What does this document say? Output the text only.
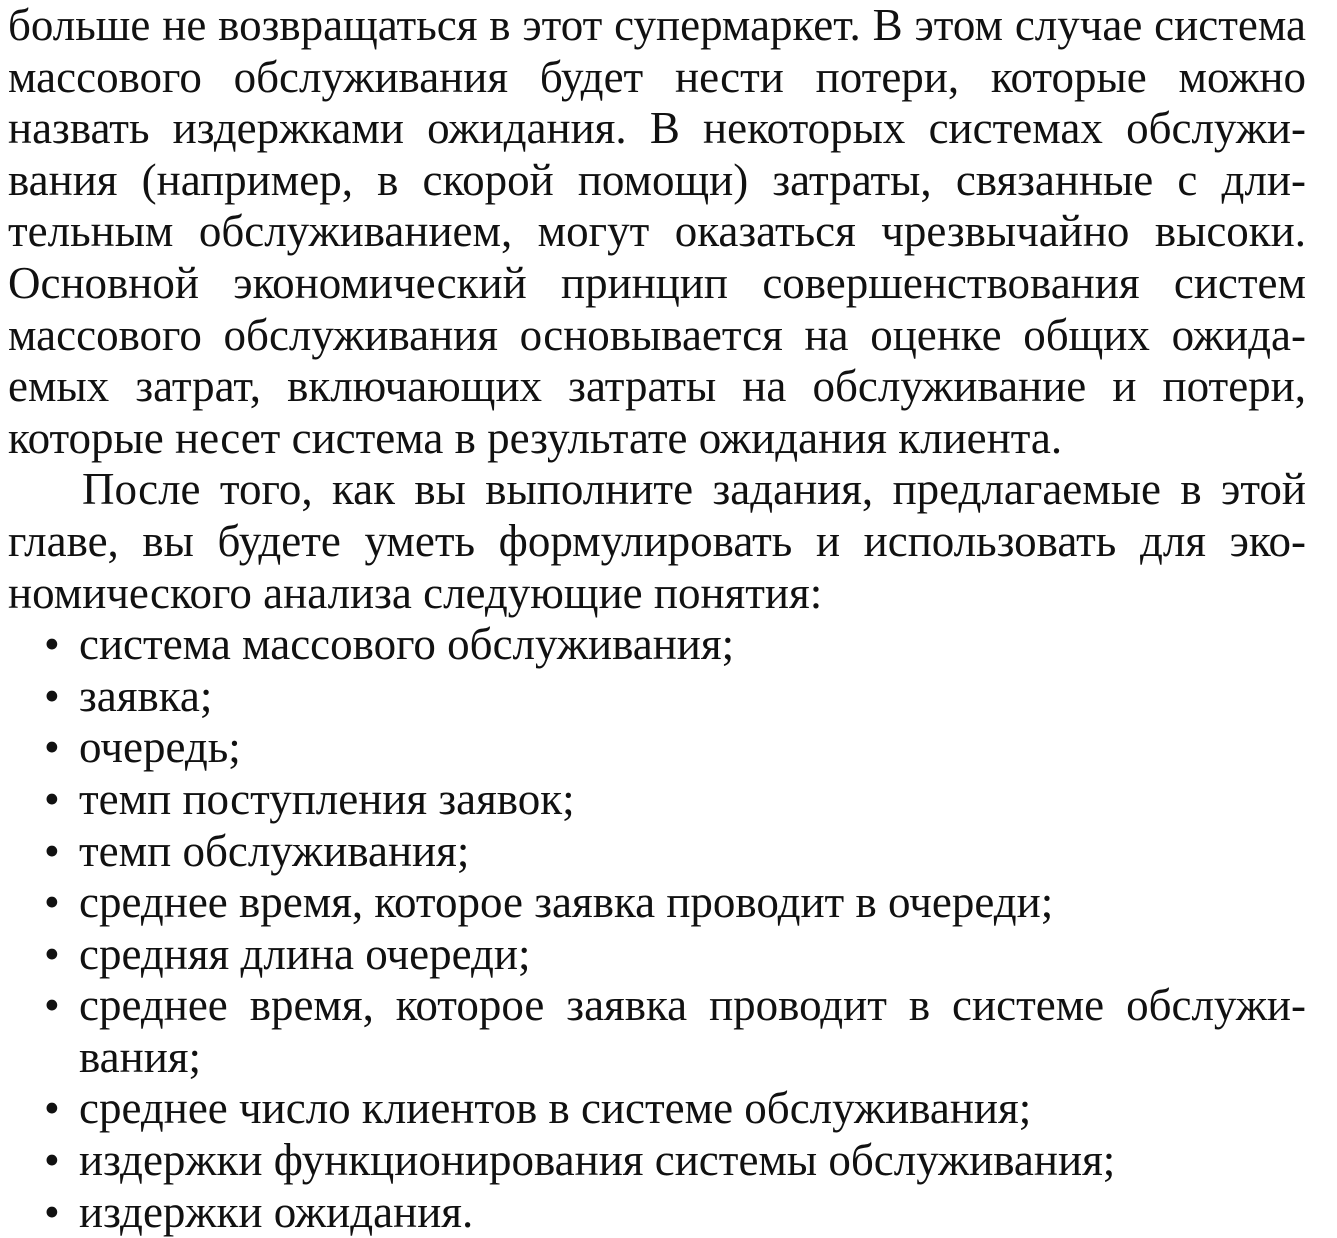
больше не возвращаться в этот супермаркет. В этом случае система массового обслуживания будет нести потери, которые можно назвать издержками ожидания. В некоторых системах обслуживания (например, в скорой помощи) затраты, связанные с длительным обслуживанием, могут оказаться чрезвычайно высоки. Основной экономический принцип совершенствования систем массового обслуживания основывается на оценке общих ожидаемых затрат, включающих затраты на обслуживание и потери, которые несет система в результате ожидания клиента.

После того, как вы выполните задания, предлагаемые в этой главе, вы будете уметь формулировать и использовать для экономического анализа следующие понятия:

• система массового обслуживания;
• заявка;
• очередь;
• темп поступления заявок;
• темп обслуживания;
• среднее время, которое заявка проводит в очереди;
• средняя длина очереди;
• среднее время, которое заявка проводит в системе обслуживания;
• среднее число клиентов в системе обслуживания;
• издержки функционирования системы обслуживания;
• издержки ожидания.
